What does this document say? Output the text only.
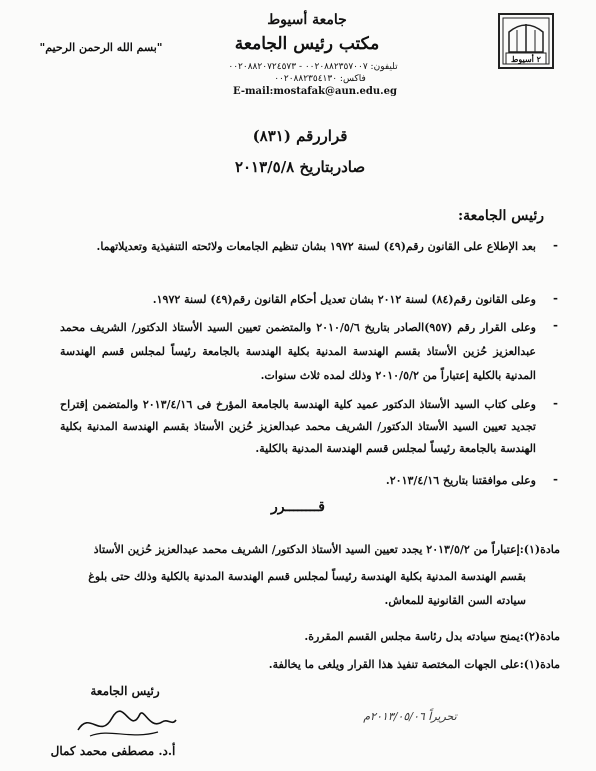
٢ أسيوط
جامعة أسيوط
مكتب رئيس الجامعة
تليفون: ٠٠٢٠٨٨٢٣٥٧٠٠٧ - ٠٠٢٠٨٨٢٠٧٢٤٥٧٣
فاكس: ٠٠٢٠٨٨٢٣٥٤١٣٠
E-mail:mostafak@aun.edu.eg
"بسم الله الرحمن الرحيم"
قراررقم (٨٣١)
صادربتاريخ ٢٠١٣/٥/٨
رئيس الجامعة:
-
بعد الإطلاع على القانون رقم(٤٩) لسنة ١٩٧٢ بشان تنظيم الجامعات ولائحته التنفيذية وتعديلاتهما.
-
وعلى القانون رقم(٨٤) لسنة ٢٠١٢ بشان تعديل أحكام القانون رقم(٤٩) لسنة ١٩٧٢.
-
وعلى القرار رقم (٩٥٧)الصادر بتاريخ ٢٠١٠/٥/٦ والمتضمن تعيين السيد الأستاذ الدكتور/ الشريف محمد عبدالعزيز حُزين الأستاذ بقسم الهندسة المدنية بكلية الهندسة بالجامعة رئيساً لمجلس قسم الهندسة المدنية بالكلية إعتباراً من ٢٠١٠/٥/٢ وذلك لمده ثلاث سنوات.
-
وعلى كتاب السيد الأستاذ الدكتور عميد كلية الهندسة بالجامعة المؤرخ فى ٢٠١٣/٤/١٦ والمتضمن إقتراح تجديد تعيين السيد الأستاذ الدكتور/ الشريف محمد عبدالعزيز حُزين الأستاذ بقسم الهندسة المدنية بكلية الهندسة بالجامعة رئيساً لمجلس قسم الهندسة المدنية بالكلية.
-
وعلى موافقتنا بتاريخ ٢٠١٣/٤/١٦.
قــــــــرر
مادة(١):إعتباراً من ٢٠١٣/٥/٢ يجدد تعيين السيد الأستاذ الدكتور/ الشريف محمد عبدالعزيز حُزين الأستاذ
بقسم الهندسة المدنية بكلية الهندسة رئيساً لمجلس قسم الهندسة المدنية بالكلية وذلك حتى بلوغ سيادته السن القانونية للمعاش.
مادة(٢):يمنح سيادته بدل رئاسة مجلس القسم المقررة.
مادة(١):على الجهات المختصة تنفيذ هذا القرار ويلغى ما يخالفة.
رئيس الجامعة
أ.د. مصطفى محمد كمال
تحريراً ٢٠١٣/٠٥/٠٦م
